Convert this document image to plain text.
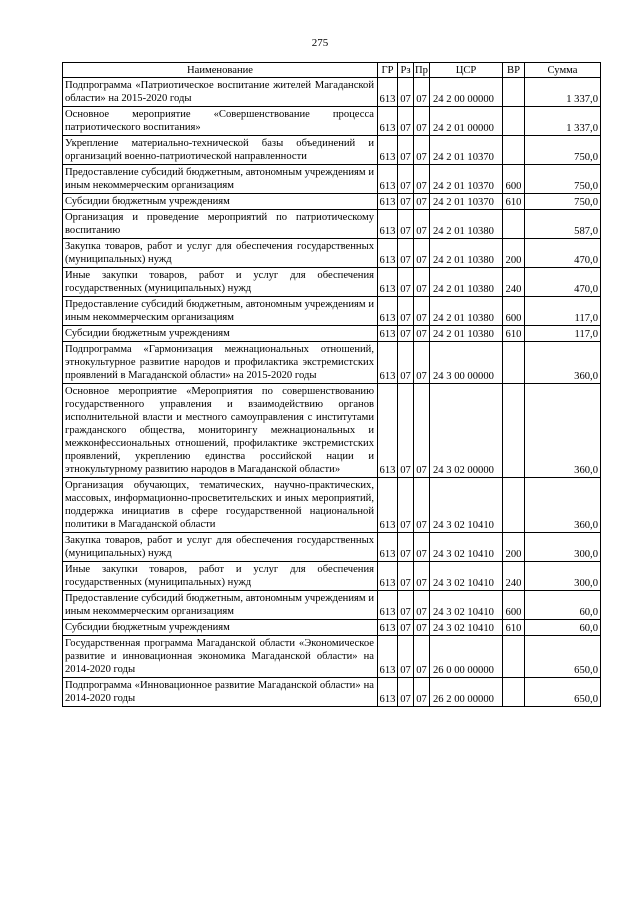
275
Наименование	ГР	Рз	Пр	ЦСР	ВР	Сумма
Подпрограмма «Патриотическое воспитание жителей Магаданской области» на 2015-2020 годы	613	07	07	24 2 00 00000		1 337,0
Основное мероприятие «Совершенствование процесса патриотического воспитания»	613	07	07	24 2 01 00000		1 337,0
Укрепление материально-технической базы объединений и организаций военно-патриотической направленности	613	07	07	24 2 01 10370		750,0
Предоставление субсидий бюджетным, автономным учреждениям и иным некоммерческим организациям	613	07	07	24 2 01 10370	600	750,0
Субсидии бюджетным учреждениям	613	07	07	24 2 01 10370	610	750,0
Организация и проведение мероприятий по патриотическому воспитанию	613	07	07	24 2 01 10380		587,0
Закупка товаров, работ и услуг для обеспечения государственных (муниципальных) нужд	613	07	07	24 2 01 10380	200	470,0
Иные закупки товаров, работ и услуг для обеспечения государственных (муниципальных) нужд	613	07	07	24 2 01 10380	240	470,0
Предоставление субсидий бюджетным, автономным учреждениям и иным некоммерческим организациям	613	07	07	24 2 01 10380	600	117,0
Субсидии бюджетным учреждениям	613	07	07	24 2 01 10380	610	117,0
Подпрограмма «Гармонизация межнациональных отношений, этнокультурное развитие народов и профилактика экстремистских проявлений в Магаданской области» на 2015-2020 годы	613	07	07	24 3 00 00000		360,0
Основное мероприятие «Мероприятия по совершенствованию государственного управления и взаимодействию органов исполнительной власти и местного самоуправления с институтами гражданского общества, мониторингу межнациональных и межконфессиональных отношений, профилактике экстремистских проявлений, укреплению единства российской нации и этнокультурному развитию народов в Магаданской области»	613	07	07	24 3 02 00000		360,0
Организация обучающих, тематических, научно-практических, массовых, информационно-просветительских и иных мероприятий, поддержка инициатив в сфере государственной национальной политики в Магаданской области	613	07	07	24 3 02 10410		360,0
Закупка товаров, работ и услуг для обеспечения государственных (муниципальных) нужд	613	07	07	24 3 02 10410	200	300,0
Иные закупки товаров, работ и услуг для обеспечения государственных (муниципальных) нужд	613	07	07	24 3 02 10410	240	300,0
Предоставление субсидий бюджетным, автономным учреждениям и иным некоммерческим организациям	613	07	07	24 3 02 10410	600	60,0
Субсидии бюджетным учреждениям	613	07	07	24 3 02 10410	610	60,0
Государственная программа Магаданской области «Экономическое развитие и инновационная экономика Магаданской области» на 2014-2020 годы	613	07	07	26 0 00 00000		650,0
Подпрограмма «Инновационное развитие Магаданской области» на 2014-2020 годы	613	07	07	26 2 00 00000		650,0
